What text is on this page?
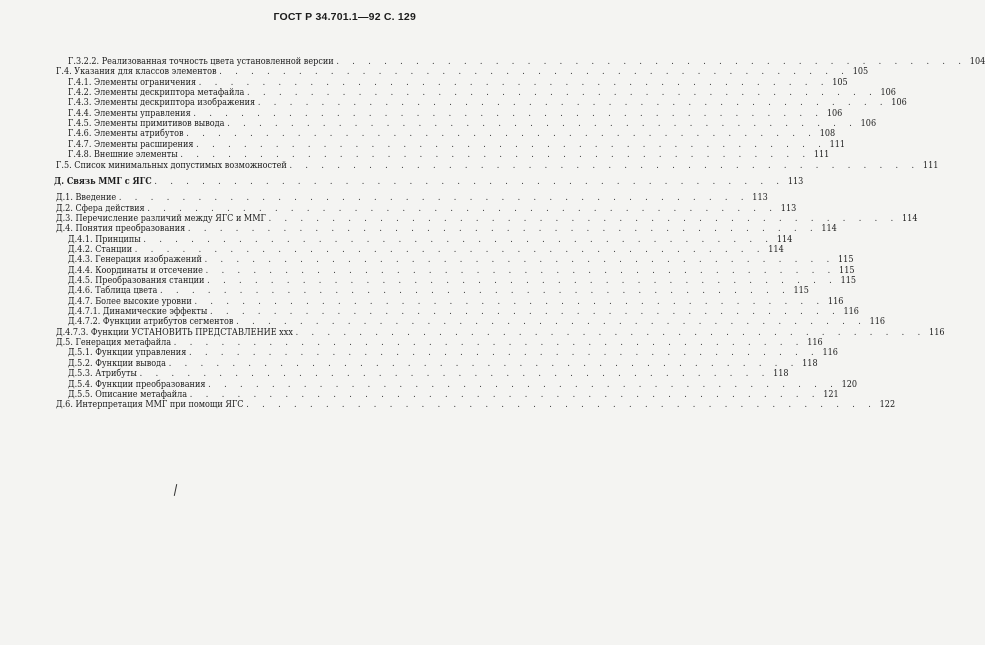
ГОСТ Р 34.701.1—92 С. 129
Г.3.2.2. Реализованная точность цвета установленной версии . . . . . . . . . . . . . . . . . . . . . . . . . . . . . . . . . . . . . . . . 104
Г.4. Указания для классов элементов . . . . . . . . . . . . . . . . . . . . . . . . . . . . . . . . . . . . . . . . 105
Г.4.1. Элементы ограничения . . . . . . . . . . . . . . . . . . . . . . . . . . . . . . . . . . . . . . . . 105
Г.4.2. Элементы дескриптора метафайла . . . . . . . . . . . . . . . . . . . . . . . . . . . . . . . . . . . . . . . . 106
Г.4.3. Элементы дескриптора изображения . . . . . . . . . . . . . . . . . . . . . . . . . . . . . . . . . . . . . . . . 106
Г.4.4. Элементы управления . . . . . . . . . . . . . . . . . . . . . . . . . . . . . . . . . . . . . . . . 106
Г.4.5. Элементы примитивов вывода . . . . . . . . . . . . . . . . . . . . . . . . . . . . . . . . . . . . . . . . 106
Г.4.6. Элементы атрибутов . . . . . . . . . . . . . . . . . . . . . . . . . . . . . . . . . . . . . . . . 108
Г.4.7. Элементы расширения . . . . . . . . . . . . . . . . . . . . . . . . . . . . . . . . . . . . . . . . 111
Г.4.8. Внешние элементы . . . . . . . . . . . . . . . . . . . . . . . . . . . . . . . . . . . . . . . . 111
Г.5. Список минимальных допустимых возможностей . . . . . . . . . . . . . . . . . . . . . . . . . . . . . . . . . . . . . . . . 111
Д. Связь ММГ с ЯГС . . . . . . . . . . . . . . . . . . . . . . . . . . . . . . . . . . . . . . . . 113
Д.1. Введение . . . . . . . . . . . . . . . . . . . . . . . . . . . . . . . . . . . . . . . . 113
Д.2. Сфера действия . . . . . . . . . . . . . . . . . . . . . . . . . . . . . . . . . . . . . . . . 113
Д.3. Перечисление различий между ЯГС и ММГ . . . . . . . . . . . . . . . . . . . . . . . . . . . . . . . . . . . . . . . . 114
Д.4. Понятия преобразования . . . . . . . . . . . . . . . . . . . . . . . . . . . . . . . . . . . . . . . . 114
Д.4.1. Принципы . . . . . . . . . . . . . . . . . . . . . . . . . . . . . . . . . . . . . . . . 114
Д.4.2. Станции . . . . . . . . . . . . . . . . . . . . . . . . . . . . . . . . . . . . . . . . 114
Д.4.3. Генерация изображений . . . . . . . . . . . . . . . . . . . . . . . . . . . . . . . . . . . . . . . . 115
Д.4.4. Координаты и отсечение . . . . . . . . . . . . . . . . . . . . . . . . . . . . . . . . . . . . . . . . 115
Д.4.5. Преобразования станции . . . . . . . . . . . . . . . . . . . . . . . . . . . . . . . . . . . . . . . . 115
Д.4.6. Таблица цвета . . . . . . . . . . . . . . . . . . . . . . . . . . . . . . . . . . . . . . . . 115
Д.4.7. Более высокие уровни . . . . . . . . . . . . . . . . . . . . . . . . . . . . . . . . . . . . . . . . 116
Д.4.7.1. Динамические эффекты . . . . . . . . . . . . . . . . . . . . . . . . . . . . . . . . . . . . . . . . 116
Д.4.7.2. Функции атрибутов сегментов . . . . . . . . . . . . . . . . . . . . . . . . . . . . . . . . . . . . . . . . 116
Д.4.7.3. Функции УСТАНОВИТЬ ПРЕДСТАВЛЕНИЕ xxx . . . . . . . . . . . . . . . . . . . . . . . . . . . . . . . . . . . . . . . . 116
Д.5. Генерация метафайла . . . . . . . . . . . . . . . . . . . . . . . . . . . . . . . . . . . . . . . . 116
Д.5.1. Функции управления . . . . . . . . . . . . . . . . . . . . . . . . . . . . . . . . . . . . . . . . 116
Д.5.2. Функции вывода . . . . . . . . . . . . . . . . . . . . . . . . . . . . . . . . . . . . . . . . 118
Д.5.3. Атрибуты . . . . . . . . . . . . . . . . . . . . . . . . . . . . . . . . . . . . . . . . 118
Д.5.4. Функции преобразования . . . . . . . . . . . . . . . . . . . . . . . . . . . . . . . . . . . . . . . . 120
Д.5.5. Описание метафайла . . . . . . . . . . . . . . . . . . . . . . . . . . . . . . . . . . . . . . . . 121
Д.6. Интерпретация ММГ при помощи ЯГС . . . . . . . . . . . . . . . . . . . . . . . . . . . . . . . . . . . . . . . . 122
